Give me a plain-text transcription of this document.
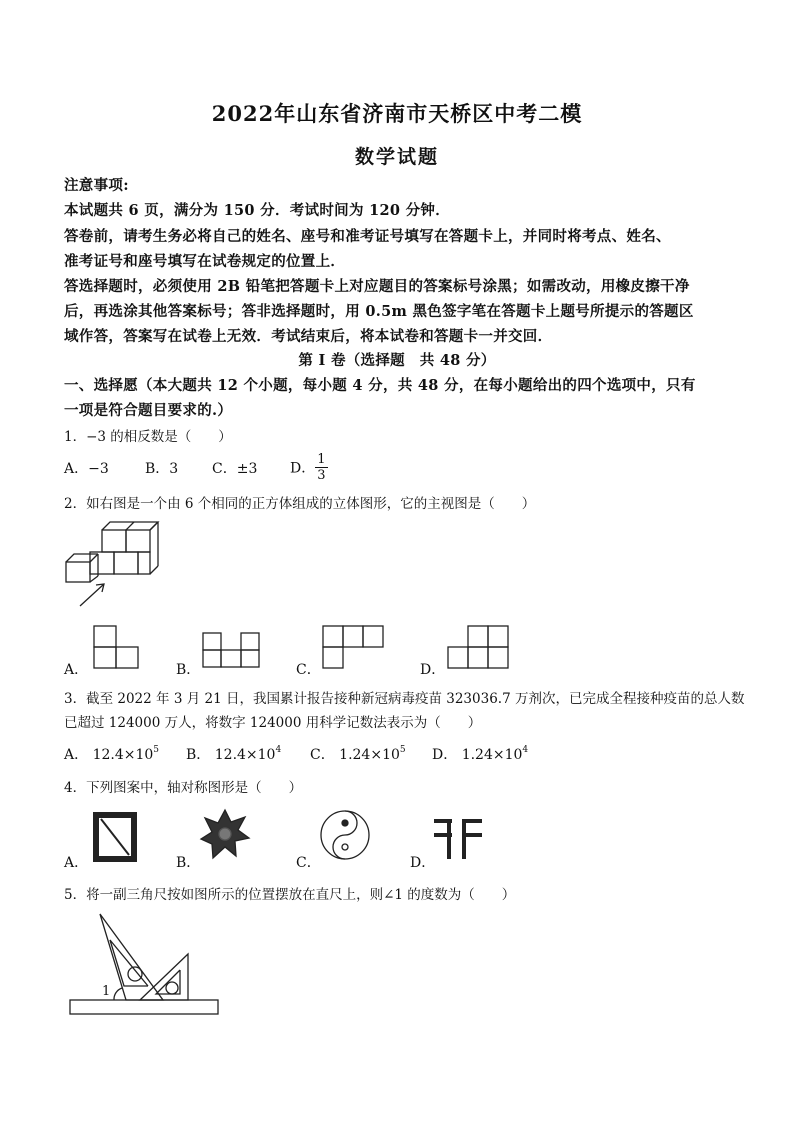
2022年山东省济南市天桥区中考二模
数学试题
注意事项:
本试题共 6 页，满分为 150 分．考试时间为 120 分钟．
答卷前，请考生务必将自己的姓名、座号和准考证号填写在答题卡上，并同时将考点、姓名、
准考证号和座号填写在试卷规定的位置上．
答选择题时，必须使用 2B 铅笔把答题卡上对应题目的答案标号涂黑；如需改动，用橡皮擦干净
后，再选涂其他答案标号；答非选择题时，用 0.5m 黑色签字笔在答题卡上题号所提示的答题区
域作答，答案写在试卷上无效．考试结束后，将本试卷和答题卡一并交回．
第 I 卷（选择题　共 48 分）
一、选择愿（本大题共 12 个小题，每小题 4 分，共 48 分，在每小题给出的四个选项中，只有
一项是符合题目要求的.）
1．−3 的相反数是（　　）
A．−3	B．3 C．±3 D． $\frac{1}{3}$
2．如右图是一个由 6 个相同的正方体组成的立体图形，它的主视图是（　　）
A．	B．	C．	D．
3．截至 2022 年 3 月 21 日，我国累计报告接种新冠病毒疫苗 323036.7 万剂次，已完成全程接种疫苗的总人数
已超过 124000 万人，将数字 124000 用科学记数法表示为（　　）
A． $12.4\times 10^5$ B． $12.4\times 10^4$ C． $1.24\times 10^5$ D． $1.24\times 10^4$
4．下列图案中，轴对称图形是（　　）
A．	B．	C．	D．
5．将一副三角尺按如图所示的位置摆放在直尺上，则∠1 的度数为（　　）
1
